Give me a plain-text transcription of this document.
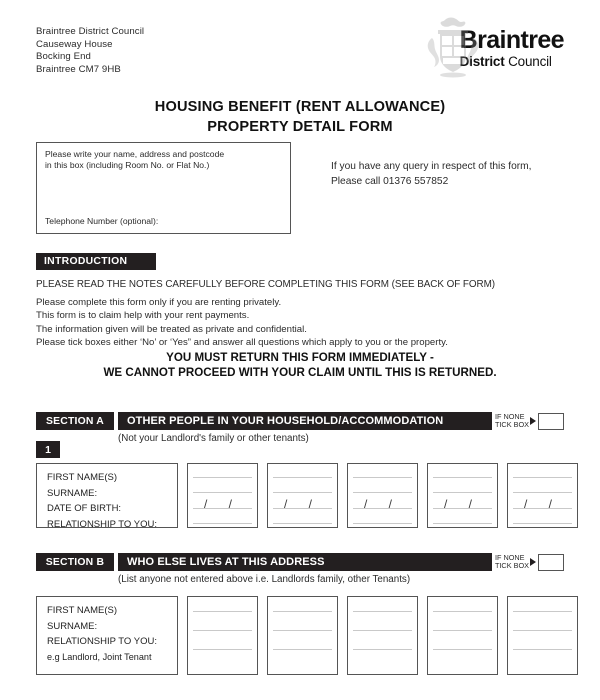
Braintree District Council
Causeway House
Bocking End
Braintree CM7 9HB
Braintree
District Council
HOUSING BENEFIT (RENT ALLOWANCE)
PROPERTY DETAIL FORM
Please write your name, address and postcode
in this box (including Room No. or Flat No.)
Telephone Number (optional):
If you have any query in respect of this form,
Please call 01376 557852
INTRODUCTION
PLEASE READ THE NOTES CAREFULLY BEFORE COMPLETING THIS FORM (SEE BACK OF FORM)
Please complete this form only if you are renting privately.
This form is to claim help with your rent payments.
The information given will be treated as private and confidential.
Please tick boxes either ‘No’ or ‘Yes” and answer all questions which apply to you or the property.
YOU MUST RETURN THIS FORM IMMEDIATELY -
WE CANNOT PROCEED WITH YOUR CLAIM UNTIL THIS IS RETURNED.
SECTION A	OTHER PEOPLE IN YOUR HOUSEHOLD/ACCOMMODATION	IF NONE
TICK BOX
(Not your Landlord's family or other tenants)
1
FIRST NAME(S)
SURNAME:
DATE OF BIRTH:
RELATIONSHIP TO YOU:
/ /	/ /	/ /	/ /	/ /
SECTION B	WHO ELSE LIVES AT THIS ADDRESS	IF NONE
TICK BOX
(List anyone not entered above i.e. Landlords family, other Tenants)
FIRST NAME(S)
SURNAME:
RELATIONSHIP TO YOU:
e.g Landlord, Joint Tenant
